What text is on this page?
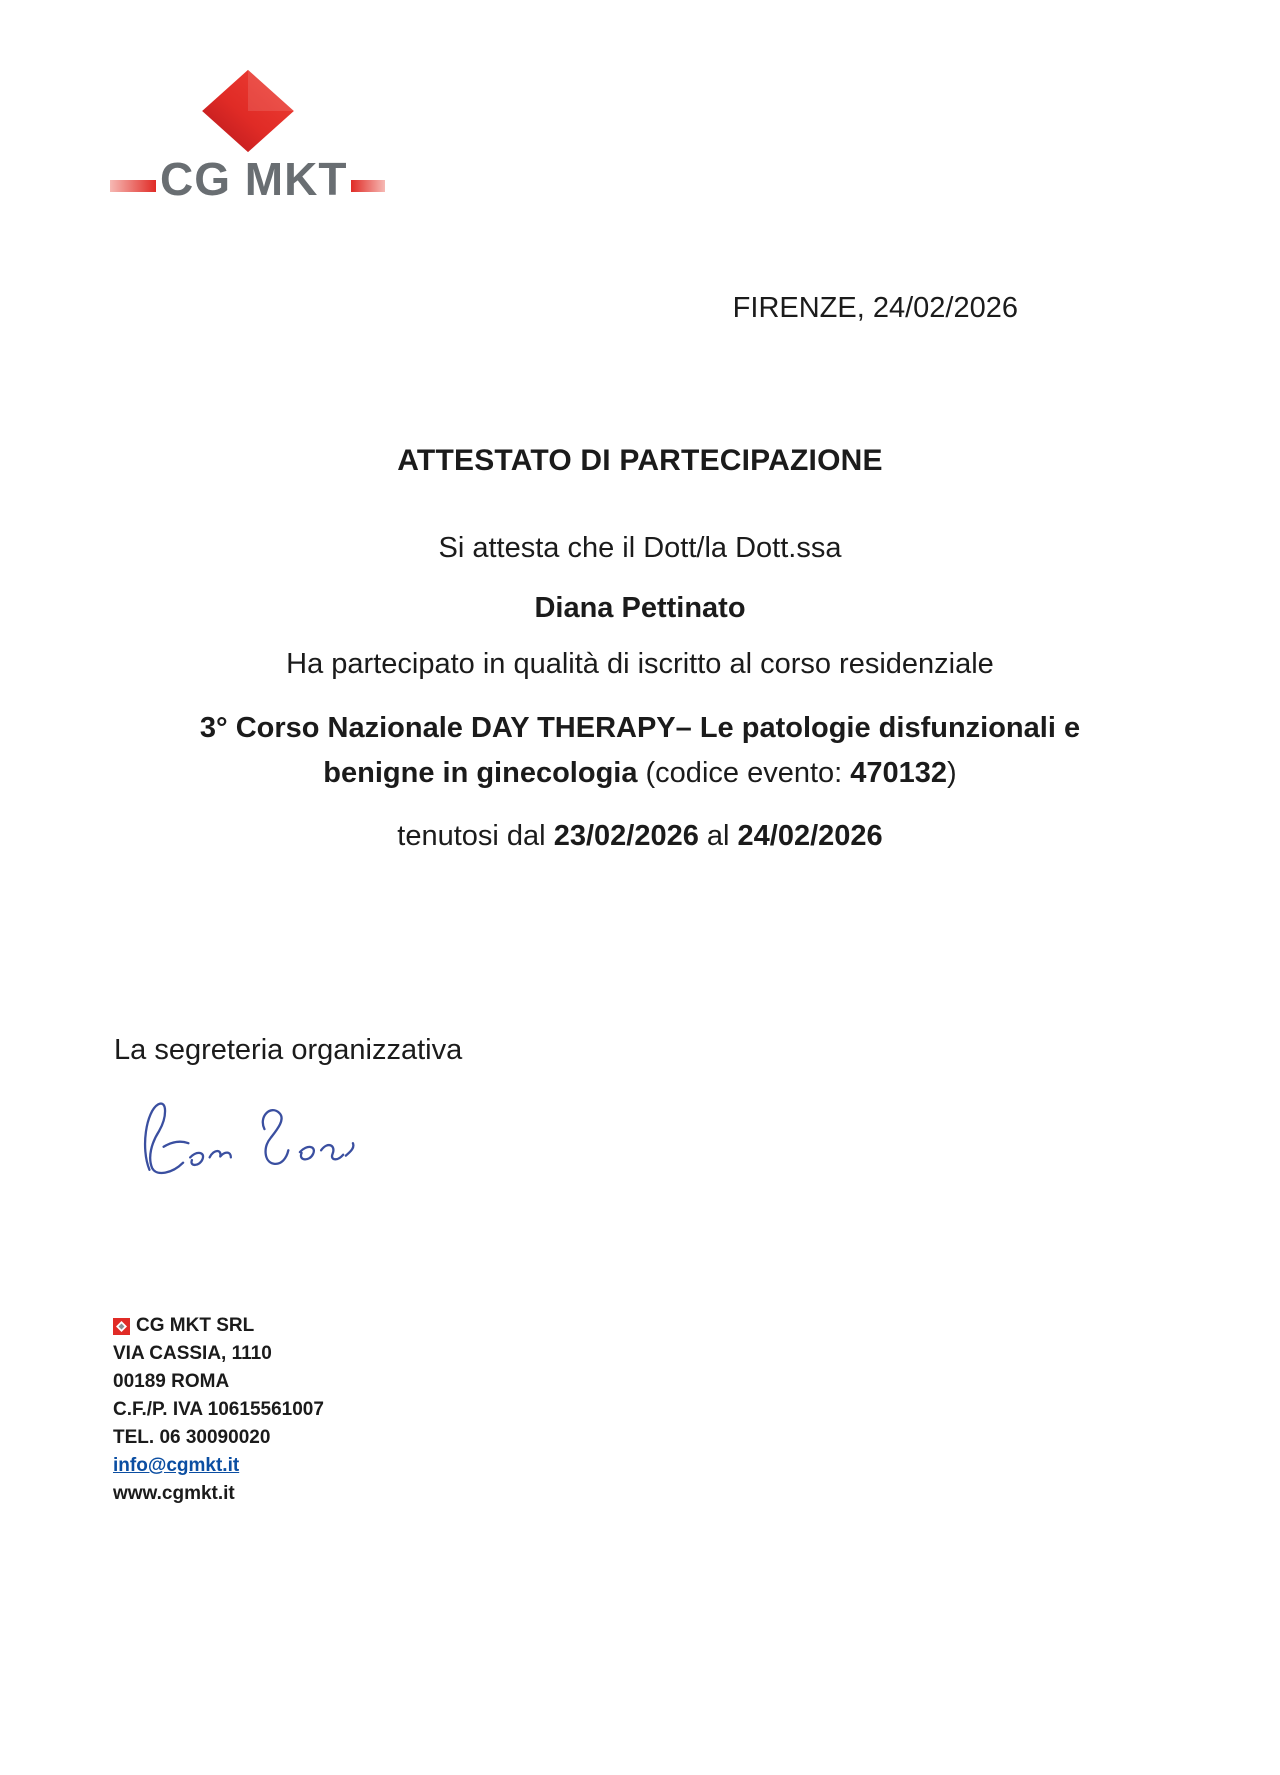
CG MKT
FIRENZE, 24/02/2026
ATTESTATO DI PARTECIPAZIONE
Si attesta che il Dott/la Dott.ssa
Diana Pettinato
Ha partecipato in qualità di iscritto al corso residenziale
3° Corso Nazionale DAY THERAPY– Le patologie disfunzionali e benigne in ginecologia (codice evento: 470132)
tenutosi dal 23/02/2026 al 24/02/2026
La segreteria organizzativa
CG MKT SRL
VIA CASSIA, 1110
00189 ROMA
C.F./P. IVA 10615561007
TEL. 06 30090020
info@cgmkt.it
www.cgmkt.it
